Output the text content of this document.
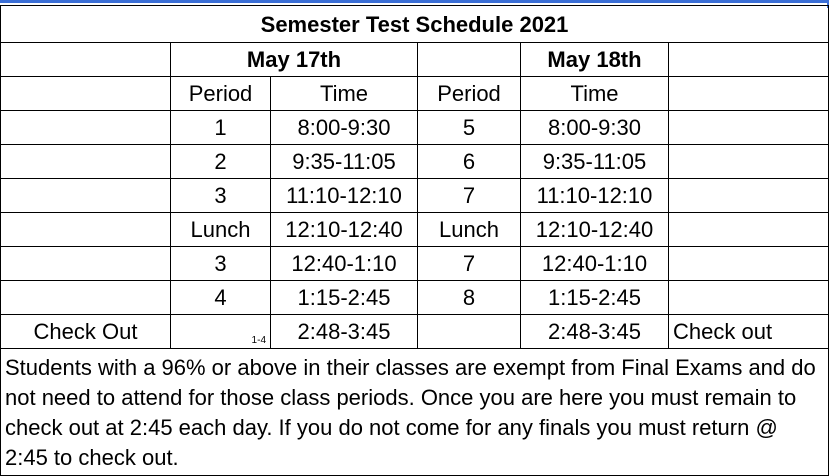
Semester Test Schedule 2021					
	May 17th			May 18th	
	Period	Time	Period	Time	
	1	8:00-9:30	5	8:00-9:30	
	2	9:35-11:05	6	9:35-11:05	
	3	11:10-12:10	7	11:10-12:10	
	Lunch	12:10-12:40	Lunch	12:10-12:40	
	3	12:40-1:10	7	12:40-1:10	
	4	1:15-2:45	8	1:15-2:45	
Check Out	1-4	2:48-3:45		2:48-3:45	Check out
Students with a 96% or above in their classes are exempt from Final Exams and do not need to attend for those class periods. Once you are here you must remain to check out at 2:45 each day. If you do not come for any finals you must return @ 2:45 to check out.					
